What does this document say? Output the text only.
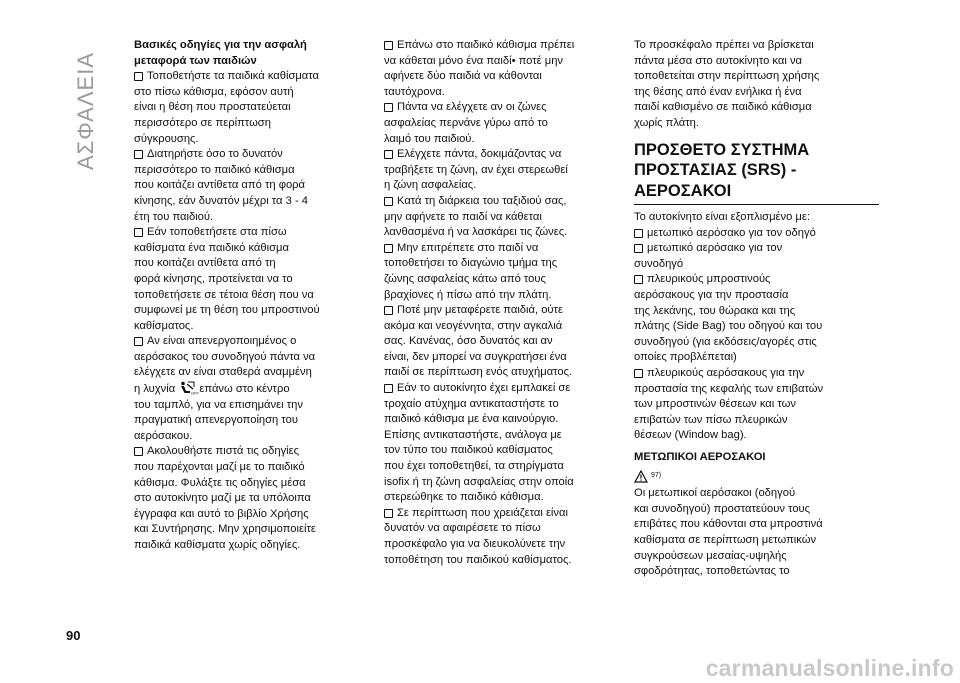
ΑΣΦΑΛΕΙΑ
Βασικές οδηγίες για την ασφαλή
μεταφορά των παιδιών
Τοποθετήστε τα παιδικά καθίσματα
στο πίσω κάθισμα, εφόσον αυτή
είναι η θέση που προστατεύεται
περισσότερο σε περίπτωση
σύγκρουσης.
Διατηρήστε όσο το δυνατόν
περισσότερο το παιδικό κάθισμα
που κοιτάζει αντίθετα από τη φορά
κίνησης, εάν δυνατόν μέχρι τα 3 - 4
έτη του παιδιού.
Εάν τοποθετήσετε στα πίσω
καθίσματα ένα παιδικό κάθισμα
που κοιτάζει αντίθετα από τη
φορά κίνησης, προτείνεται να το
τοποθετήσετε σε τέτοια θέση που να
συμφωνεί με τη θέση του μπροστινού
καθίσματος.
Αν είναι απενεργοποιημένος ο
αερόσακος του συνοδηγού πάντα να
ελέγχετε αν είναι σταθερά αναμμένη
η λυχνία	OFF επάνω στο κέντρο
του ταμπλό, για να επισημάνει την
πραγματική απενεργοποίηση του
αερόσακου.
Ακολουθήστε πιστά τις οδηγίες
που παρέχονται μαζί με το παιδικό
κάθισμα. Φυλάξτε τις οδηγίες μέσα
στο αυτοκίνητο μαζί με τα υπόλοιπα
έγγραφα και αυτό το βιβλίο Χρήσης
και Συντήρησης. Μην χρησιμοποιείτε
παιδικά καθίσματα χωρίς οδηγίες.
Επάνω στο παιδικό κάθισμα πρέπει
να κάθεται μόνο ένα παιδί• ποτέ μην
αφήνετε δύο παιδιά να κάθονται
ταυτόχρονα.
Πάντα να ελέγχετε αν οι ζώνες
ασφαλείας περνάνε γύρω από το
λαιμό του παιδιού.
Ελέγχετε πάντα, δοκιμάζοντας να
τραβήξετε τη ζώνη, αν έχει στερεωθεί
η ζώνη ασφαλείας.
Κατά τη διάρκεια του ταξιδιού σας,
μην αφήνετε το παιδί να κάθεται
λανθασμένα ή να λασκάρει τις ζώνες.
Μην επιτρέπετε στο παιδί να
τοποθετήσει το διαγώνιο τμήμα της
ζώνης ασφαλείας κάτω από τους
βραχίονες ή πίσω από την πλάτη.
Ποτέ μην μεταφέρετε παιδιά, ούτε
ακόμα και νεογέννητα, στην αγκαλιά
σας. Κανένας, όσο δυνατός και αν
είναι, δεν μπορεί να συγκρατήσει ένα
παιδί σε περίπτωση ενός ατυχήματος.
Εάν το αυτοκίνητο έχει εμπλακεί σε
τροχαίο ατύχημα αντικαταστήστε το
παιδικό κάθισμα με ένα καινούργιο.
Επίσης αντικαταστήστε, ανάλογα με
τον τύπο του παιδικού καθίσματος
που έχει τοποθετηθεί, τα στηρίγματα
isofix ή τη ζώνη ασφαλείας στην οποία
στερεώθηκε το παιδικό κάθισμα.
Σε περίπτωση που χρειάζεται είναι
δυνατόν να αφαιρέσετε το πίσω
προσκέφαλο για να διευκολύνετε την
τοποθέτηση του παιδικού καθίσματος.
Το προσκέφαλο πρέπει να βρίσκεται
πάντα μέσα στο αυτοκίνητο και να
τοποθετείται στην περίπτωση χρήσης
της θέσης από έναν ενήλικα ή ένα
παιδί καθισμένο σε παιδικό κάθισμα
χωρίς πλάτη.
ΠΡΟΣΘΕΤΟ ΣΥΣΤΗΜΑ
ΠΡΟΣΤΑΣΙΑΣ (SRS) -
ΑΕΡΟΣΑΚΟΙ
Το αυτοκίνητο είναι εξοπλισμένο με:
μετωπικό αερόσακο για τον οδηγό
μετωπικό αερόσακο για τον
συνοδηγό
πλευρικούς μπροστινούς
αερόσακους για την προστασία
της λεκάνης, του θώρακα και της
πλάτης (Side Bag) του οδηγού και του
συνοδηγού (για εκδόσεις/αγορές στις
οποίες προβλέπεται)
πλευρικούς αερόσακους για την
προστασία της κεφαλής των επιβατών
των μπροστινών θέσεων και των
επιβατών των πίσω πλευρικών
θέσεων (Window bag).
ΜΕΤΩΠΙΚΟΙ ΑΕΡΟΣΑΚΟΙ
$^{97)}$
Οι μετωπικοί αερόσακοι (οδηγού
και συνοδηγού) προστατεύουν τους
επιβάτες που κάθονται στα μπροστινά
καθίσματα σε περίπτωση μετωπικών
συγκρούσεων μεσαίας-υψηλής
σφοδρότητας, τοποθετώντας το
90
carmanualsonline.info
